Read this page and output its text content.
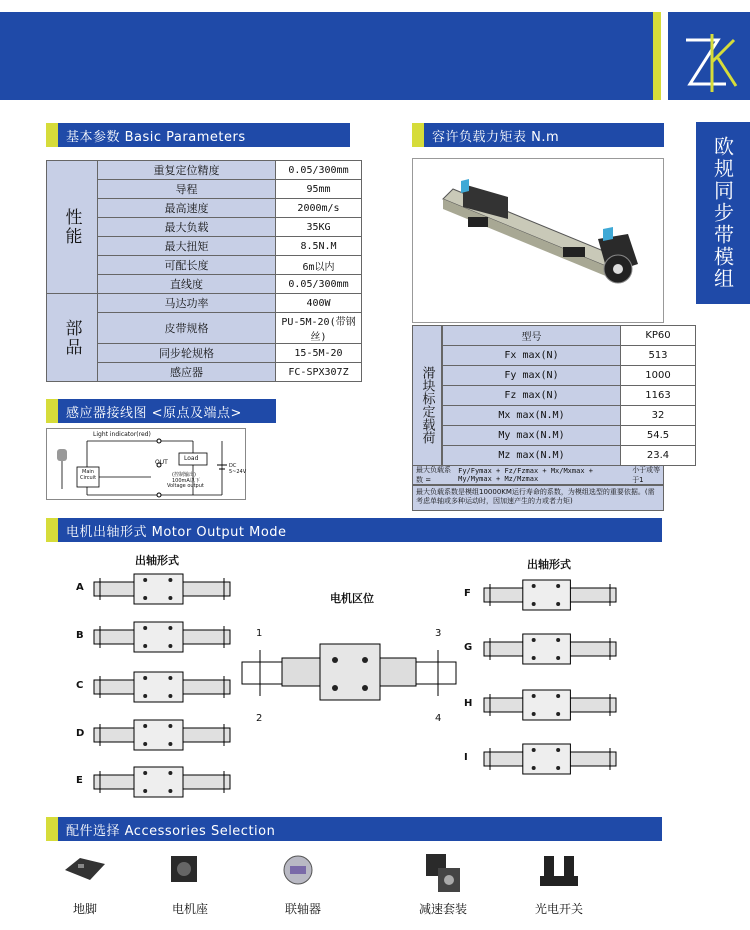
欧规同步带模组
基本参数 Basic Parameters
性能	重复定位精度	0.05/300mm
	导程	95mm
	最高速度	2000m/s
	最大负载	35KG
	最大扭矩	8.5N.M
	可配长度	6m以内
	直线度	0.05/300mm
部品	马达功率	400W
	皮带规格	PU-5M-20(带钢丝)
	同步轮规格	15-5M-20
	感应器	FC-SPX307Z
容许负载力矩表 N.m
滑块标定载荷
型号	KP60
Fx max(N)	513
Fy max(N)	1000
Fz max(N)	1163
Mx max(N.M)	32
My max(N.M)	54.5
Mz max(N.M)	23.4
最大负载系数 =
Fy/Fymax + Fz/Fzmax + Mx/Mxmax + My/Mymax + Mz/Mzmax
小于或等于1
最大负载系数是模组10000KM运行寿命的系数，为模组选型的重要依据。(需考虑单轴或多种运动时，因加速产生的力或者力矩)
感应器接线图 <原点及端点>
Light indicator(red)
Main Circuit
Load
OUT
(控制输出)
100mA以下
Voltage output
DC 5~24V
电机出轴形式 Motor Output Mode
出轴形式	出轴形式
电机区位
A
B
C
D
E
F
G
H
I
1
2
3
4
配件选择 Accessories Selection
地脚	电机座	联轴器	减速套装	光电开关
